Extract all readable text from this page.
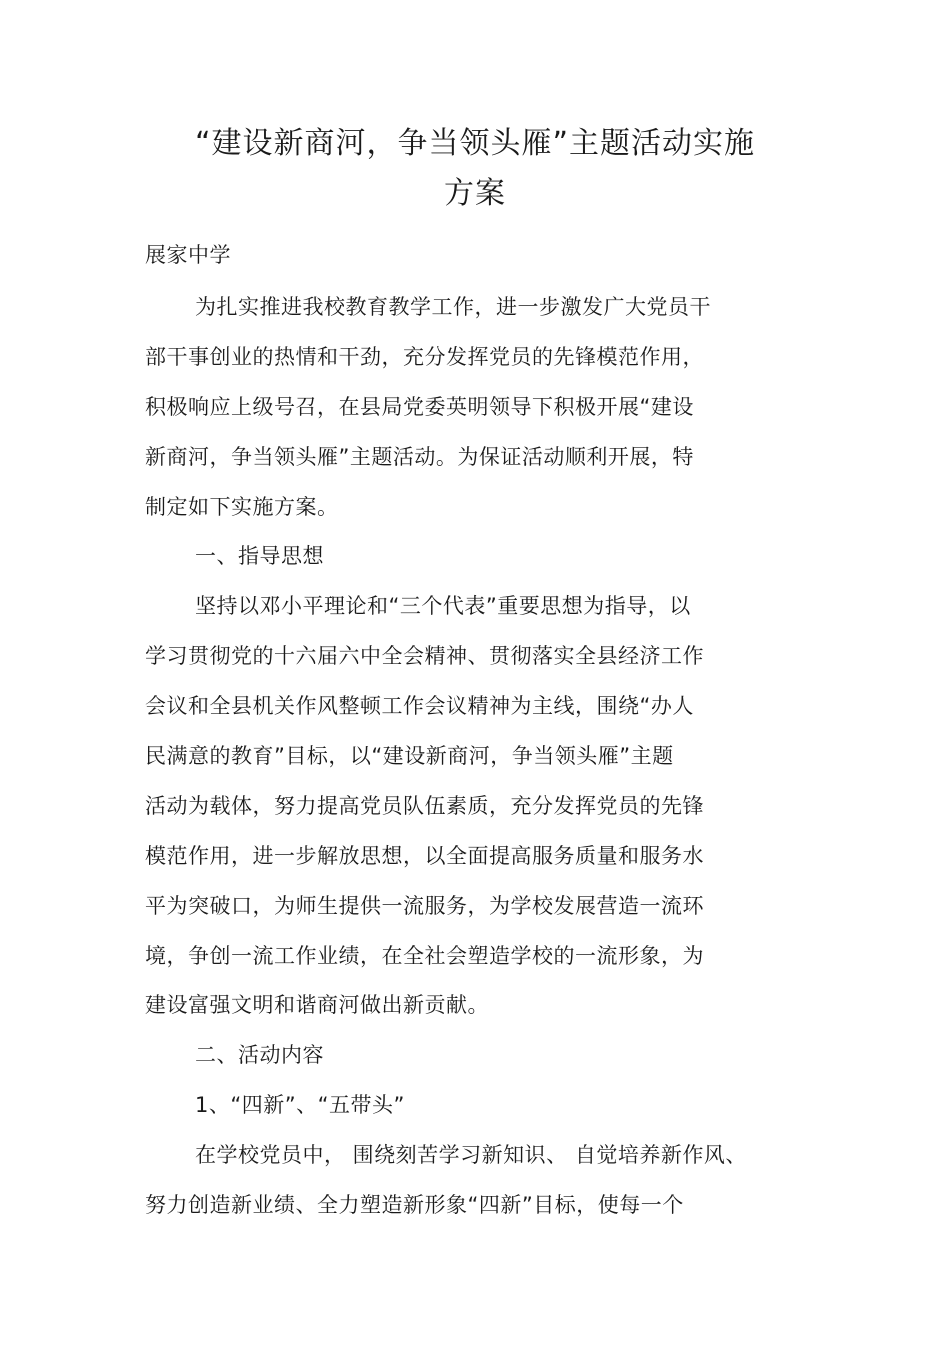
“建设新商河，争当领头雁”主题活动实施
方案

展家中学

为扎实推进我校教育教学工作，进一步激发广大党员干

部干事创业的热情和干劲，充分发挥党员的先锋模范作用，

积极响应上级号召，在县局党委英明领导下积极开展“建设

新商河，争当领头雁”主题活动。为保证活动顺利开展，特

制定如下实施方案。

一、指导思想

坚持以邓小平理论和“三个代表”重要思想为指导，以

学习贯彻党的十六届六中全会精神、贯彻落实全县经济工作

会议和全县机关作风整顿工作会议精神为主线，围绕“办人

民满意的教育”目标，以“建设新商河，争当领头雁”主题

活动为载体，努力提高党员队伍素质，充分发挥党员的先锋

模范作用，进一步解放思想，以全面提高服务质量和服务水

平为突破口，为师生提供一流服务，为学校发展营造一流环

境，争创一流工作业绩，在全社会塑造学校的一流形象，为

建设富强文明和谐商河做出新贡献。

二、活动内容

1、“四新”、“五带头”

在学校党员中， 围绕刻苦学习新知识、 自觉培养新作风、

努力创造新业绩、全力塑造新形象“四新”目标，使每一个
